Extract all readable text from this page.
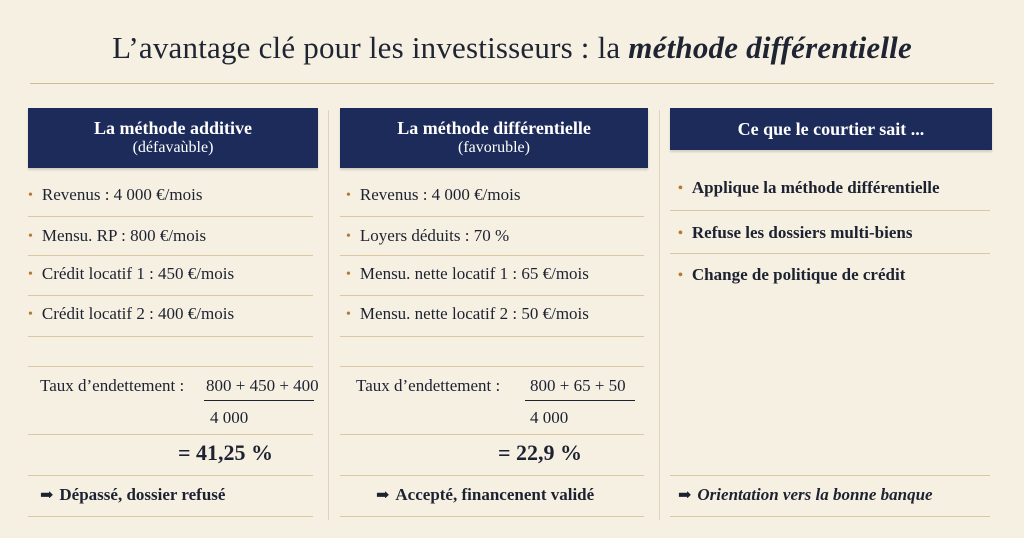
L’avantage clé pour les investisseurs : la méthode différentielle
La méthode additive
(défavaùble)
• Revenus : 4 000 €/mois
• Mensu. RP : 800 €/mois
• Crédit locatif 1 : 450 €/mois
• Crédit locatif 2 : 400 €/mois
Taux d’endettement : 800 + 450 + 400
4 000
= 41,25 %
➡ Dépassé, dossier refusé
La méthode différentielle
(favoruble)
• Revenus : 4 000 €/mois
• Loyers déduits : 70 %
• Mensu. nette locatif 1 : 65 €/mois
• Mensu. nette locatif 2 : 50 €/mois
Taux d’endettement : 800 + 65 + 50
4 000
= 22,9 %
➡ Accepté, financenent validé
Ce que le courtier sait ...
• Applique la méthode différentielle
• Refuse les dossiers multi-biens
• Change de politique de crédit
➡ Orientation vers la bonne banque
